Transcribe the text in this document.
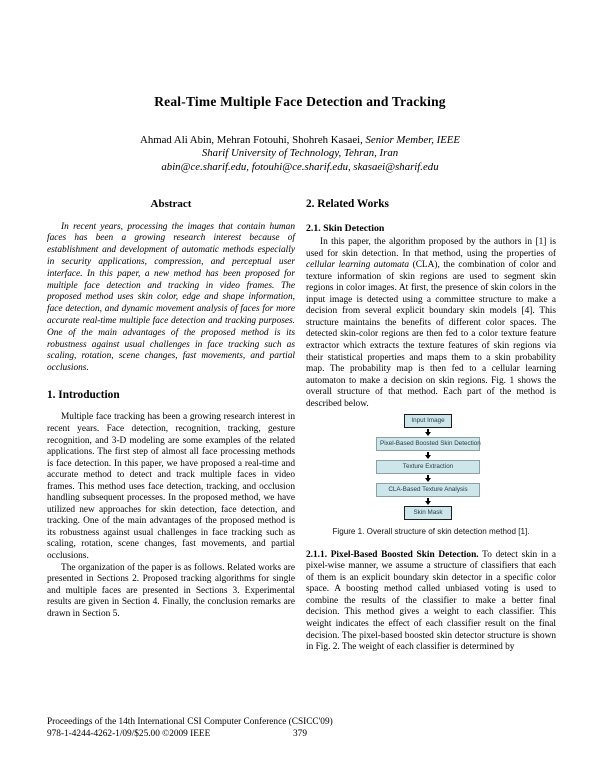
Real-Time Multiple Face Detection and Tracking
Ahmad Ali Abin, Mehran Fotouhi, Shohreh Kasaei, Senior Member, IEEE
Sharif University of Technology, Tehran, Iran
abin@ce.sharif.edu, fotouhi@ce.sharif.edu, skasaei@sharif.edu
Abstract

In recent years, processing the images that contain human faces has been a growing research interest because of establishment and development of automatic methods especially in security applications, compression, and perceptual user interface. In this paper, a new method has been proposed for multiple face detection and tracking in video frames. The proposed method uses skin color, edge and shape information, face detection, and dynamic movement analysis of faces for more accurate real-time multiple face detection and tracking purposes. One of the main advantages of the proposed method is its robustness against usual challenges in face tracking such as scaling, rotation, scene changes, fast movements, and partial occlusions.

1. Introduction

Multiple face tracking has been a growing research interest in recent years. Face detection, recognition, tracking, gesture recognition, and 3-D modeling are some examples of the related applications. The first step of almost all face processing methods is face detection. In this paper, we have proposed a real-time and accurate method to detect and track multiple faces in video frames. This method uses face detection, tracking, and occlusion handling subsequent processes. In the proposed method, we have utilized new approaches for skin detection, face detection, and tracking. One of the main advantages of the proposed method is its robustness against usual challenges in face tracking such as scaling, rotation, scene changes, fast movements, and partial occlusions.

The organization of the paper is as follows. Related works are presented in Sections 2. Proposed tracking algorithms for single and multiple faces are presented in Sections 3. Experimental results are given in Section 4. Finally, the conclusion remarks are drawn in Section 5.

2. Related Works
2.1. Skin Detection

In this paper, the algorithm proposed by the authors in [1] is used for skin detection. In that method, using the properties of cellular learning automata (CLA), the combination of color and texture information of skin regions are used to segment skin regions in color images. At first, the presence of skin colors in the input image is detected using a committee structure to make a decision from several explicit boundary skin models [4]. This structure maintains the benefits of different color spaces. The detected skin-color regions are then fed to a color texture feature extractor which extracts the texture features of skin regions via their statistical properties and maps them to a skin probability map. The probability map is then fed to a cellular learning automaton to make a decision on skin regions. Fig. 1 shows the overall structure of that method. Each part of the method is described below.

Input Image
Pixel-Based Boosted Skin Detection
Texture Extraction
CLA-Based Texture Analysis
Skin Mask

Figure 1. Overall structure of skin detection method [1].

2.1.1. Pixel-Based Boosted Skin Detection. To detect skin in a pixel-wise manner, we assume a structure of classifiers that each of them is an explicit boundary skin detector in a specific color space. A boosting method called unbiased voting is used to combine the results of the classifier to make a better final decision. This method gives a weight to each classifier. This weight indicates the effect of each classifier result on the final decision. The pixel-based boosted skin detector structure is shown in Fig. 2. The weight of each classifier is determined by

Proceedings of the 14th International CSI Computer Conference (CSICC'09)
978-1-4244-4262-1/09/$25.00 ©2009 IEEE	379
